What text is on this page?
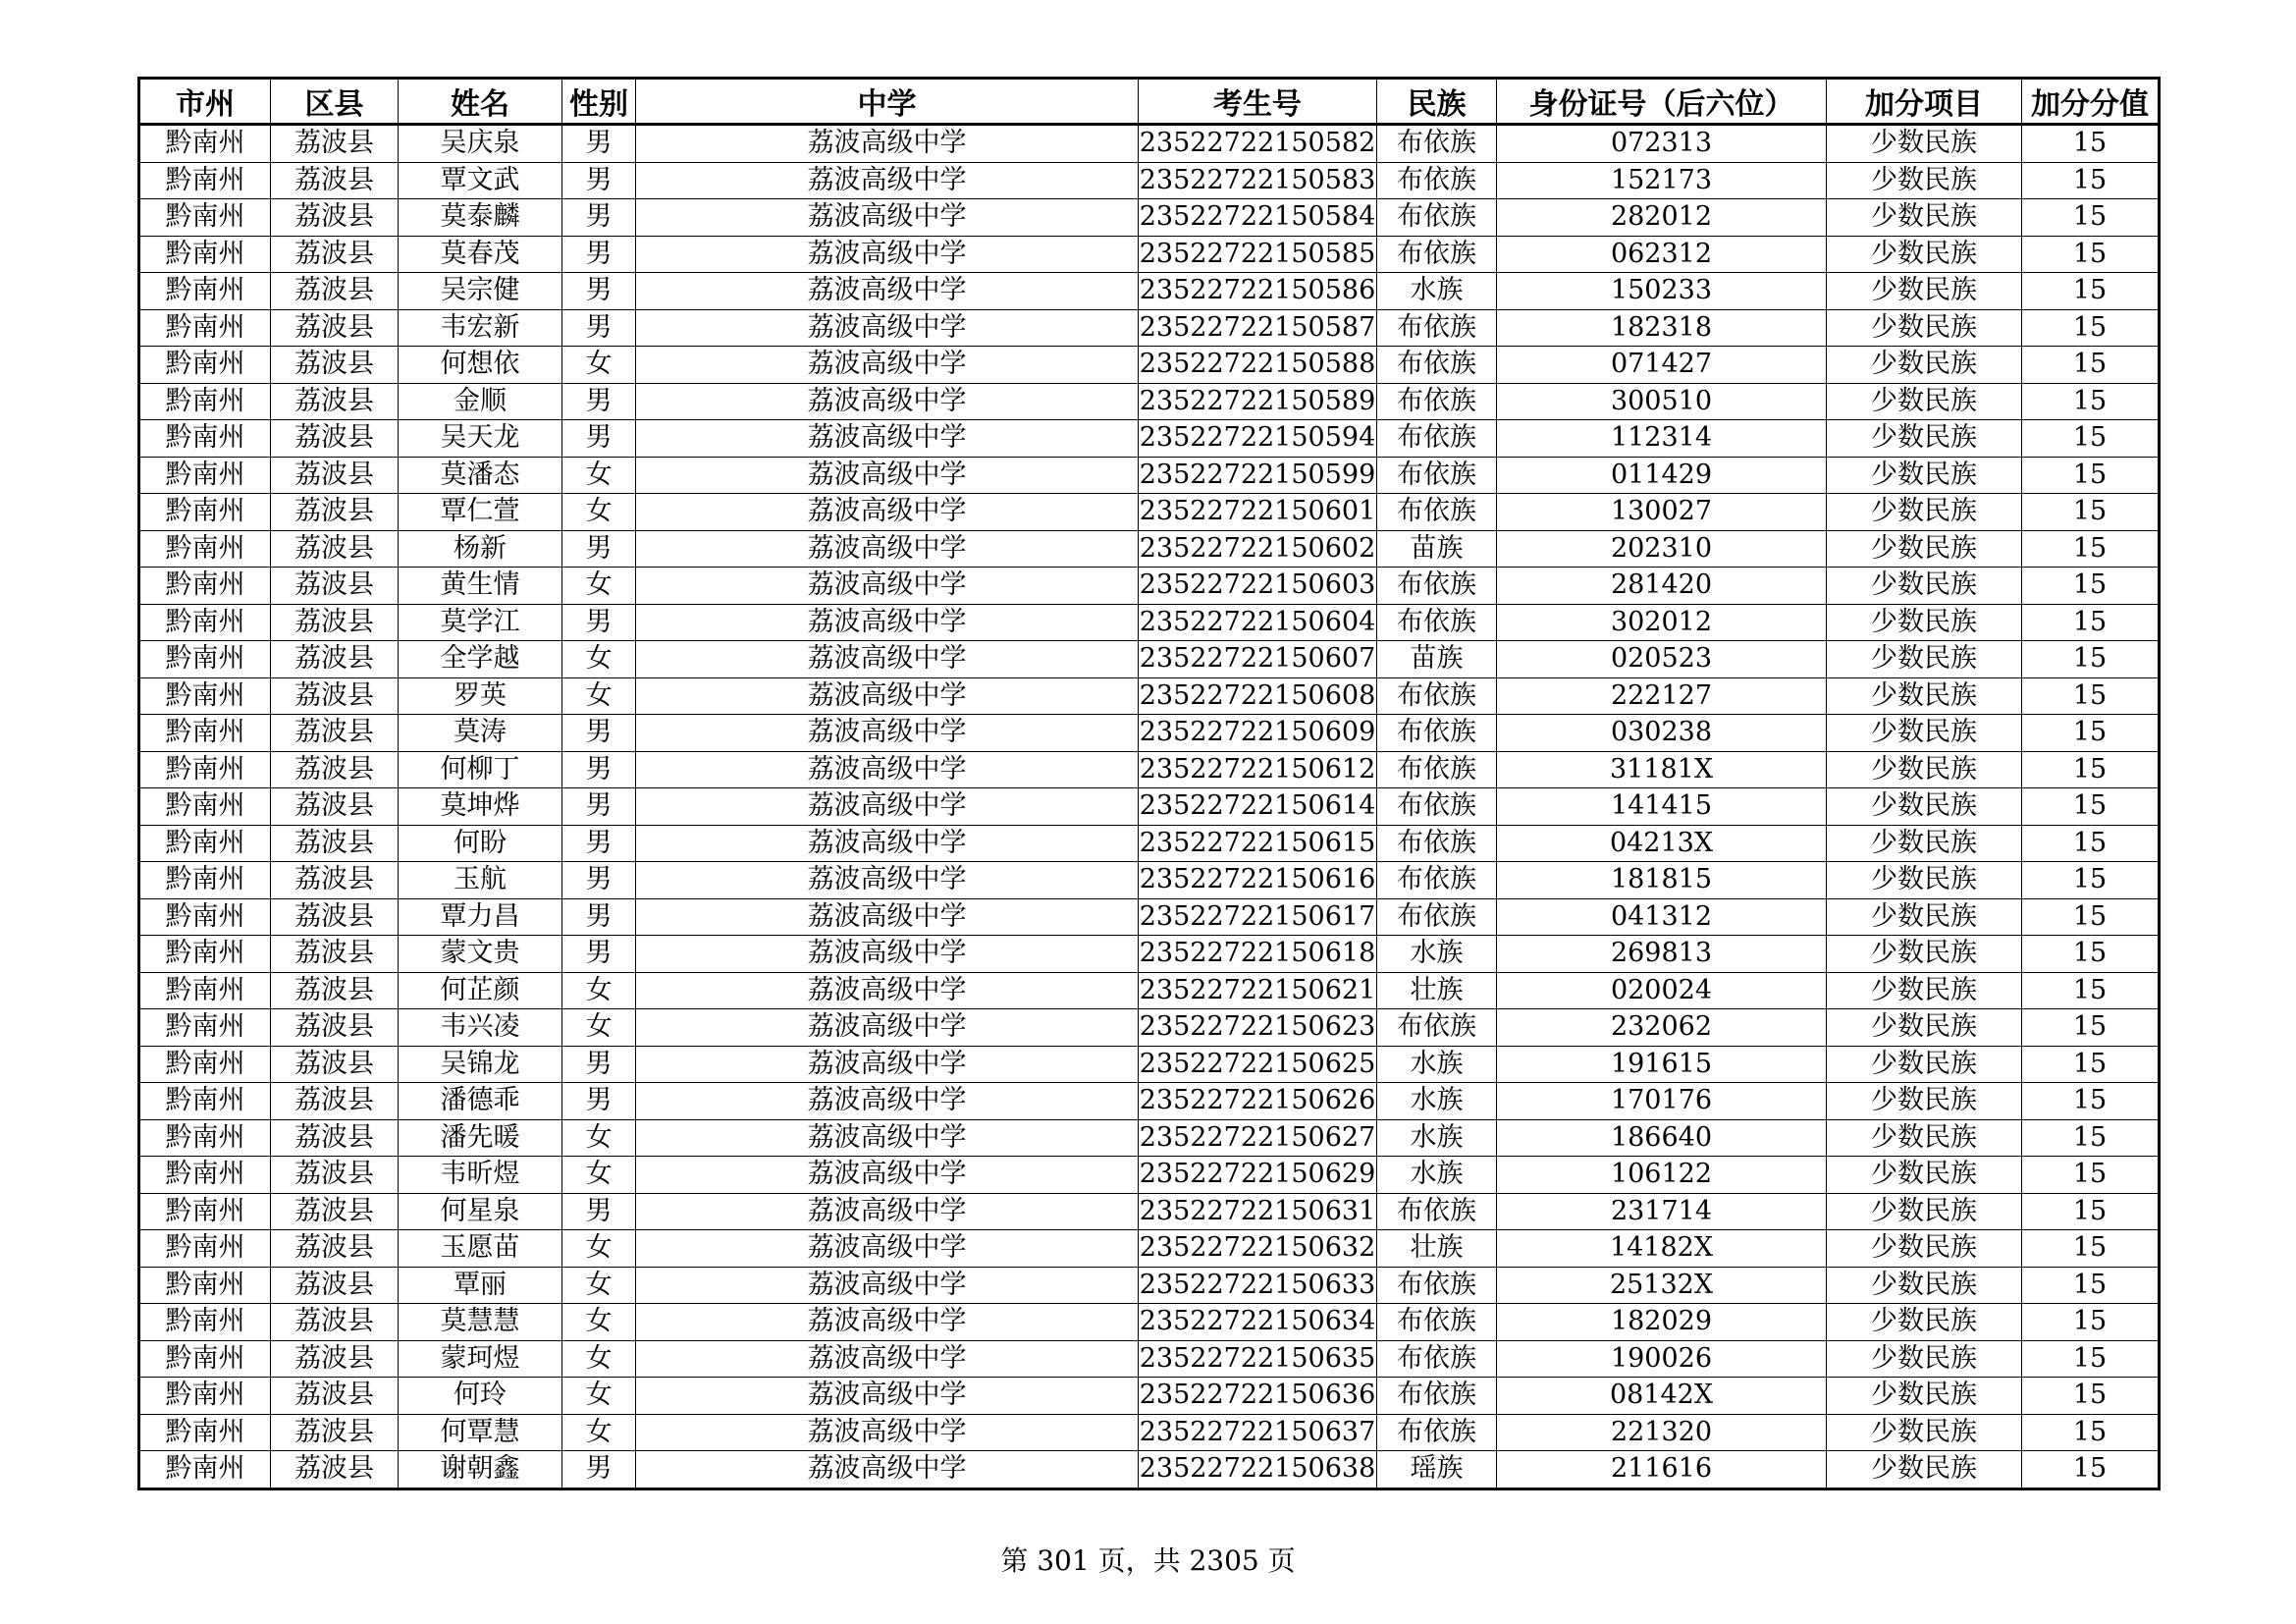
市州	区县	姓名	性别	中学	考生号	民族	身份证号（后六位）	加分项目	加分分值
黔南州	荔波县	吴庆泉	男	荔波高级中学	23522722150582	布依族	072313	少数民族	15
黔南州	荔波县	覃文武	男	荔波高级中学	23522722150583	布依族	152173	少数民族	15
黔南州	荔波县	莫泰麟	男	荔波高级中学	23522722150584	布依族	282012	少数民族	15
黔南州	荔波县	莫春茂	男	荔波高级中学	23522722150585	布依族	062312	少数民族	15
黔南州	荔波县	吴宗健	男	荔波高级中学	23522722150586	水族	150233	少数民族	15
黔南州	荔波县	韦宏新	男	荔波高级中学	23522722150587	布依族	182318	少数民族	15
黔南州	荔波县	何想依	女	荔波高级中学	23522722150588	布依族	071427	少数民族	15
黔南州	荔波县	金顺	男	荔波高级中学	23522722150589	布依族	300510	少数民族	15
黔南州	荔波县	吴天龙	男	荔波高级中学	23522722150594	布依族	112314	少数民族	15
黔南州	荔波县	莫潘态	女	荔波高级中学	23522722150599	布依族	011429	少数民族	15
黔南州	荔波县	覃仁萱	女	荔波高级中学	23522722150601	布依族	130027	少数民族	15
黔南州	荔波县	杨新	男	荔波高级中学	23522722150602	苗族	202310	少数民族	15
黔南州	荔波县	黄生情	女	荔波高级中学	23522722150603	布依族	281420	少数民族	15
黔南州	荔波县	莫学江	男	荔波高级中学	23522722150604	布依族	302012	少数民族	15
黔南州	荔波县	全学越	女	荔波高级中学	23522722150607	苗族	020523	少数民族	15
黔南州	荔波县	罗英	女	荔波高级中学	23522722150608	布依族	222127	少数民族	15
黔南州	荔波县	莫涛	男	荔波高级中学	23522722150609	布依族	030238	少数民族	15
黔南州	荔波县	何柳丁	男	荔波高级中学	23522722150612	布依族	31181X	少数民族	15
黔南州	荔波县	莫坤烨	男	荔波高级中学	23522722150614	布依族	141415	少数民族	15
黔南州	荔波县	何盼	男	荔波高级中学	23522722150615	布依族	04213X	少数民族	15
黔南州	荔波县	玉航	男	荔波高级中学	23522722150616	布依族	181815	少数民族	15
黔南州	荔波县	覃力昌	男	荔波高级中学	23522722150617	布依族	041312	少数民族	15
黔南州	荔波县	蒙文贵	男	荔波高级中学	23522722150618	水族	269813	少数民族	15
黔南州	荔波县	何芷颜	女	荔波高级中学	23522722150621	壮族	020024	少数民族	15
黔南州	荔波县	韦兴凌	女	荔波高级中学	23522722150623	布依族	232062	少数民族	15
黔南州	荔波县	吴锦龙	男	荔波高级中学	23522722150625	水族	191615	少数民族	15
黔南州	荔波县	潘德乖	男	荔波高级中学	23522722150626	水族	170176	少数民族	15
黔南州	荔波县	潘先暖	女	荔波高级中学	23522722150627	水族	186640	少数民族	15
黔南州	荔波县	韦昕煜	女	荔波高级中学	23522722150629	水族	106122	少数民族	15
黔南州	荔波县	何星泉	男	荔波高级中学	23522722150631	布依族	231714	少数民族	15
黔南州	荔波县	玉愿苗	女	荔波高级中学	23522722150632	壮族	14182X	少数民族	15
黔南州	荔波县	覃丽	女	荔波高级中学	23522722150633	布依族	25132X	少数民族	15
黔南州	荔波县	莫慧慧	女	荔波高级中学	23522722150634	布依族	182029	少数民族	15
黔南州	荔波县	蒙珂煜	女	荔波高级中学	23522722150635	布依族	190026	少数民族	15
黔南州	荔波县	何玲	女	荔波高级中学	23522722150636	布依族	08142X	少数民族	15
黔南州	荔波县	何覃慧	女	荔波高级中学	23522722150637	布依族	221320	少数民族	15
黔南州	荔波县	谢朝鑫	男	荔波高级中学	23522722150638	瑶族	211616	少数民族	15
第 301 页，共 2305 页
